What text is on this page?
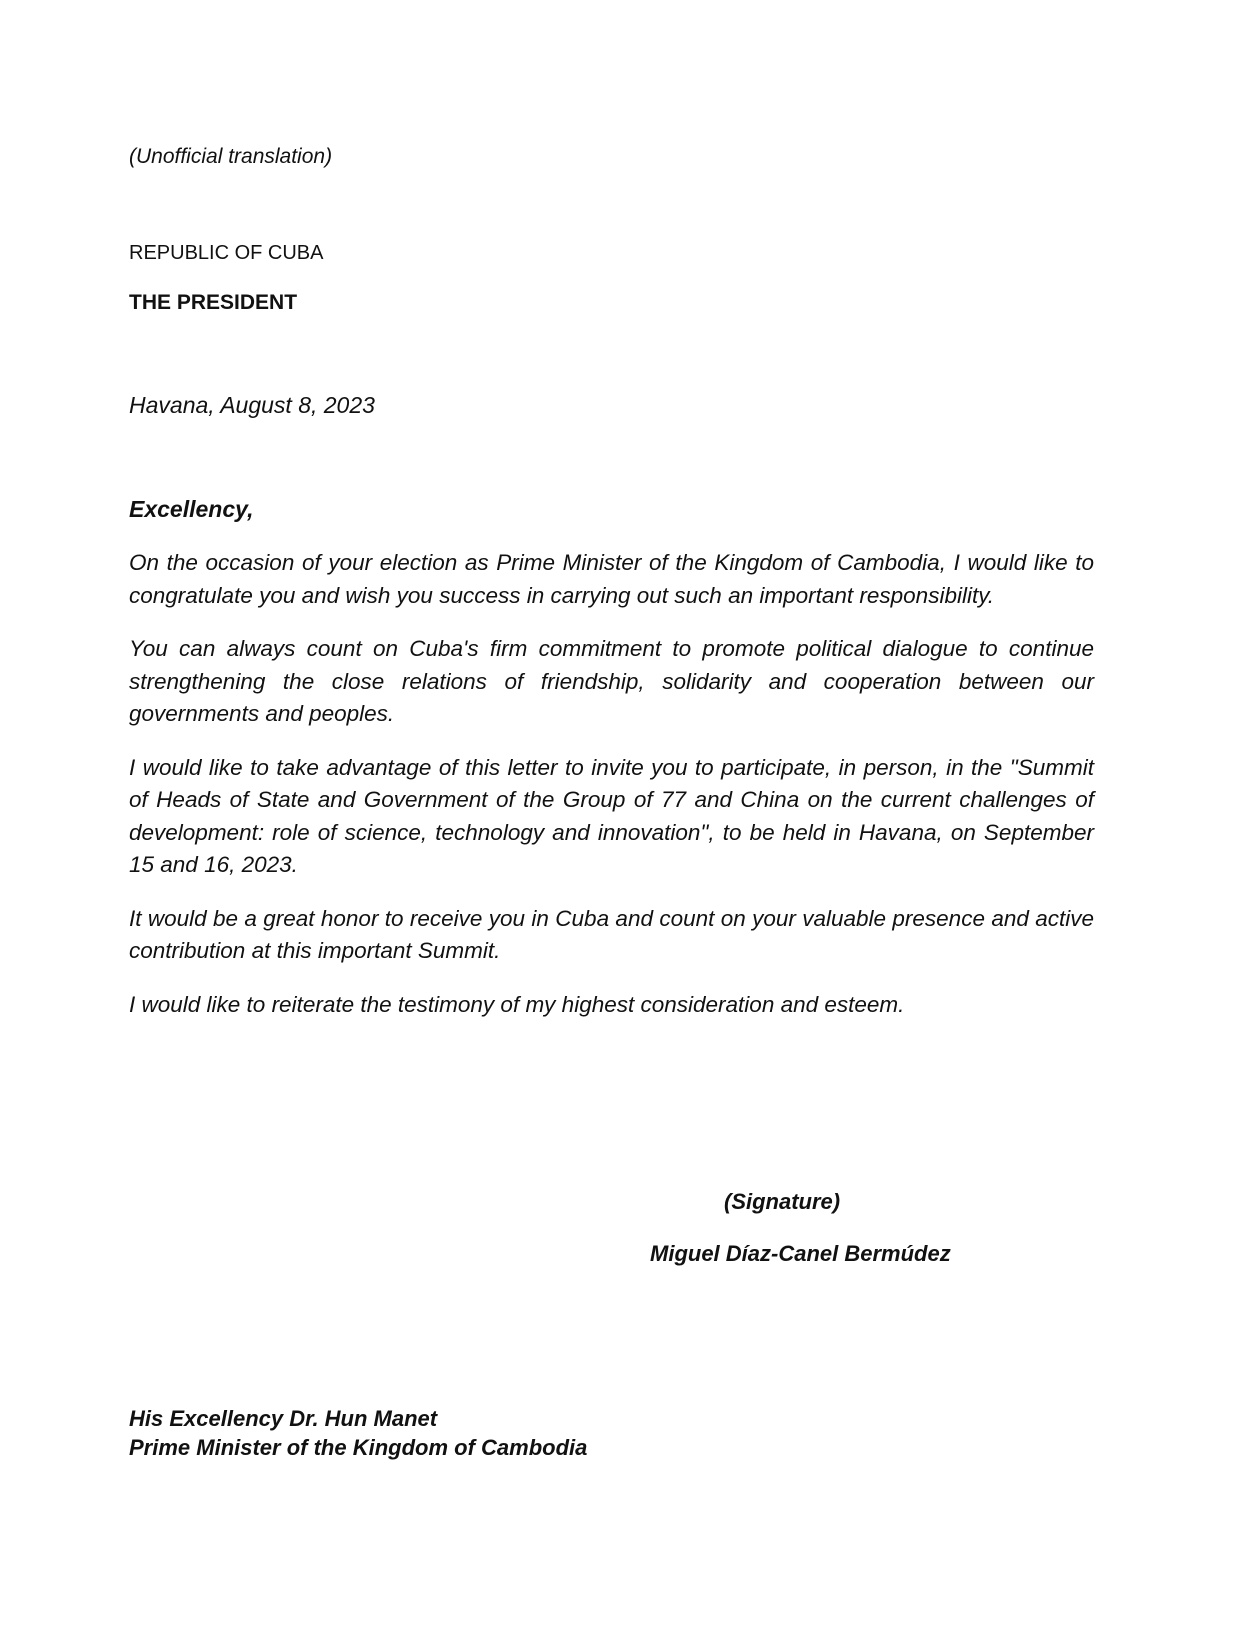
(Unofficial translation)

REPUBLIC OF CUBA

THE PRESIDENT

Havana, August 8, 2023

Excellency,

On the occasion of your election as Prime Minister of the Kingdom of Cambodia, I would like to congratulate you and wish you success in carrying out such an important responsibility.

You can always count on Cuba's firm commitment to promote political dialogue to continue strengthening the close relations of friendship, solidarity and cooperation between our governments and peoples.

I would like to take advantage of this letter to invite you to participate, in person, in the "Summit of Heads of State and Government of the Group of 77 and China on the current challenges of development: role of science, technology and innovation", to be held in Havana, on September 15 and 16, 2023.

It would be a great honor to receive you in Cuba and count on your valuable presence and active contribution at this important Summit.

I would like to reiterate the testimony of my highest consideration and esteem.

(Signature)

Miguel Díaz-Canel Bermúdez

His Excellency Dr. Hun Manet
Prime Minister of the Kingdom of Cambodia
